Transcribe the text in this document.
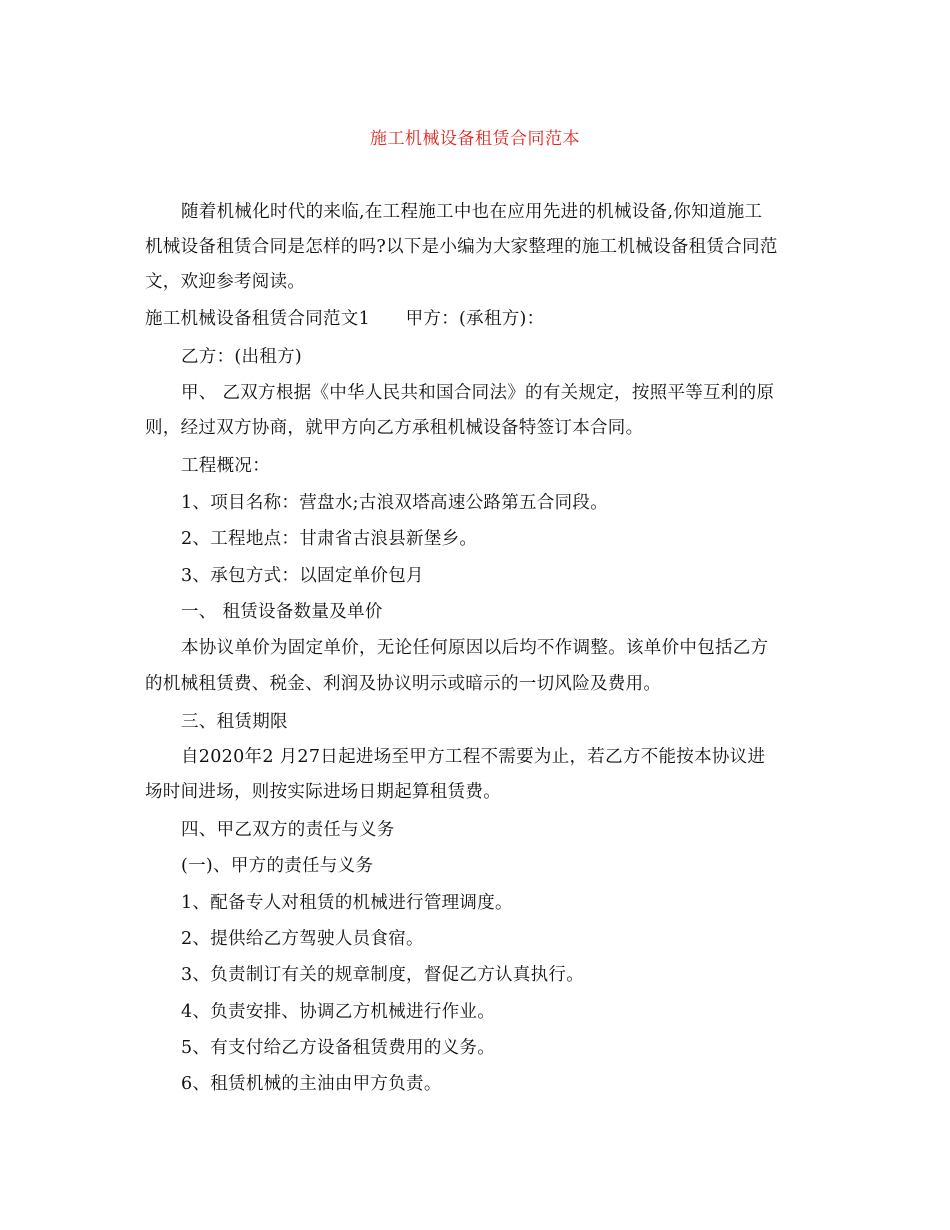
施工机械设备租赁合同范本
随着机械化时代的来临,在工程施工中也在应用先进的机械设备,你知道施工
机械设备租赁合同是怎样的吗?以下是小编为大家整理的施工机械设备租赁合同范
文，欢迎参考阅读。
施工机械设备租赁合同范文1　　甲方：(承租方)：
乙方：(出租方)
甲、 乙双方根据《中华人民共和国合同法》的有关规定，按照平等互利的原
则，经过双方协商，就甲方向乙方承租机械设备特签订本合同。
工程概况：
1、项目名称：营盘水;古浪双塔高速公路第五合同段。
2、工程地点：甘肃省古浪县新堡乡。
3、承包方式：以固定单价包月
一、 租赁设备数量及单价
本协议单价为固定单价，无论任何原因以后均不作调整。该单价中包括乙方
的机械租赁费、税金、利润及协议明示或暗示的一切风险及费用。
三、租赁期限
自2020年2 月27日起进场至甲方工程不需要为止，若乙方不能按本协议进
场时间进场，则按实际进场日期起算租赁费。
四、甲乙双方的责任与义务
(一)、甲方的责任与义务
1、配备专人对租赁的机械进行管理调度。
2、提供给乙方驾驶人员食宿。
3、负责制订有关的规章制度，督促乙方认真执行。
4、负责安排、协调乙方机械进行作业。
5、有支付给乙方设备租赁费用的义务。
6、租赁机械的主油由甲方负责。
